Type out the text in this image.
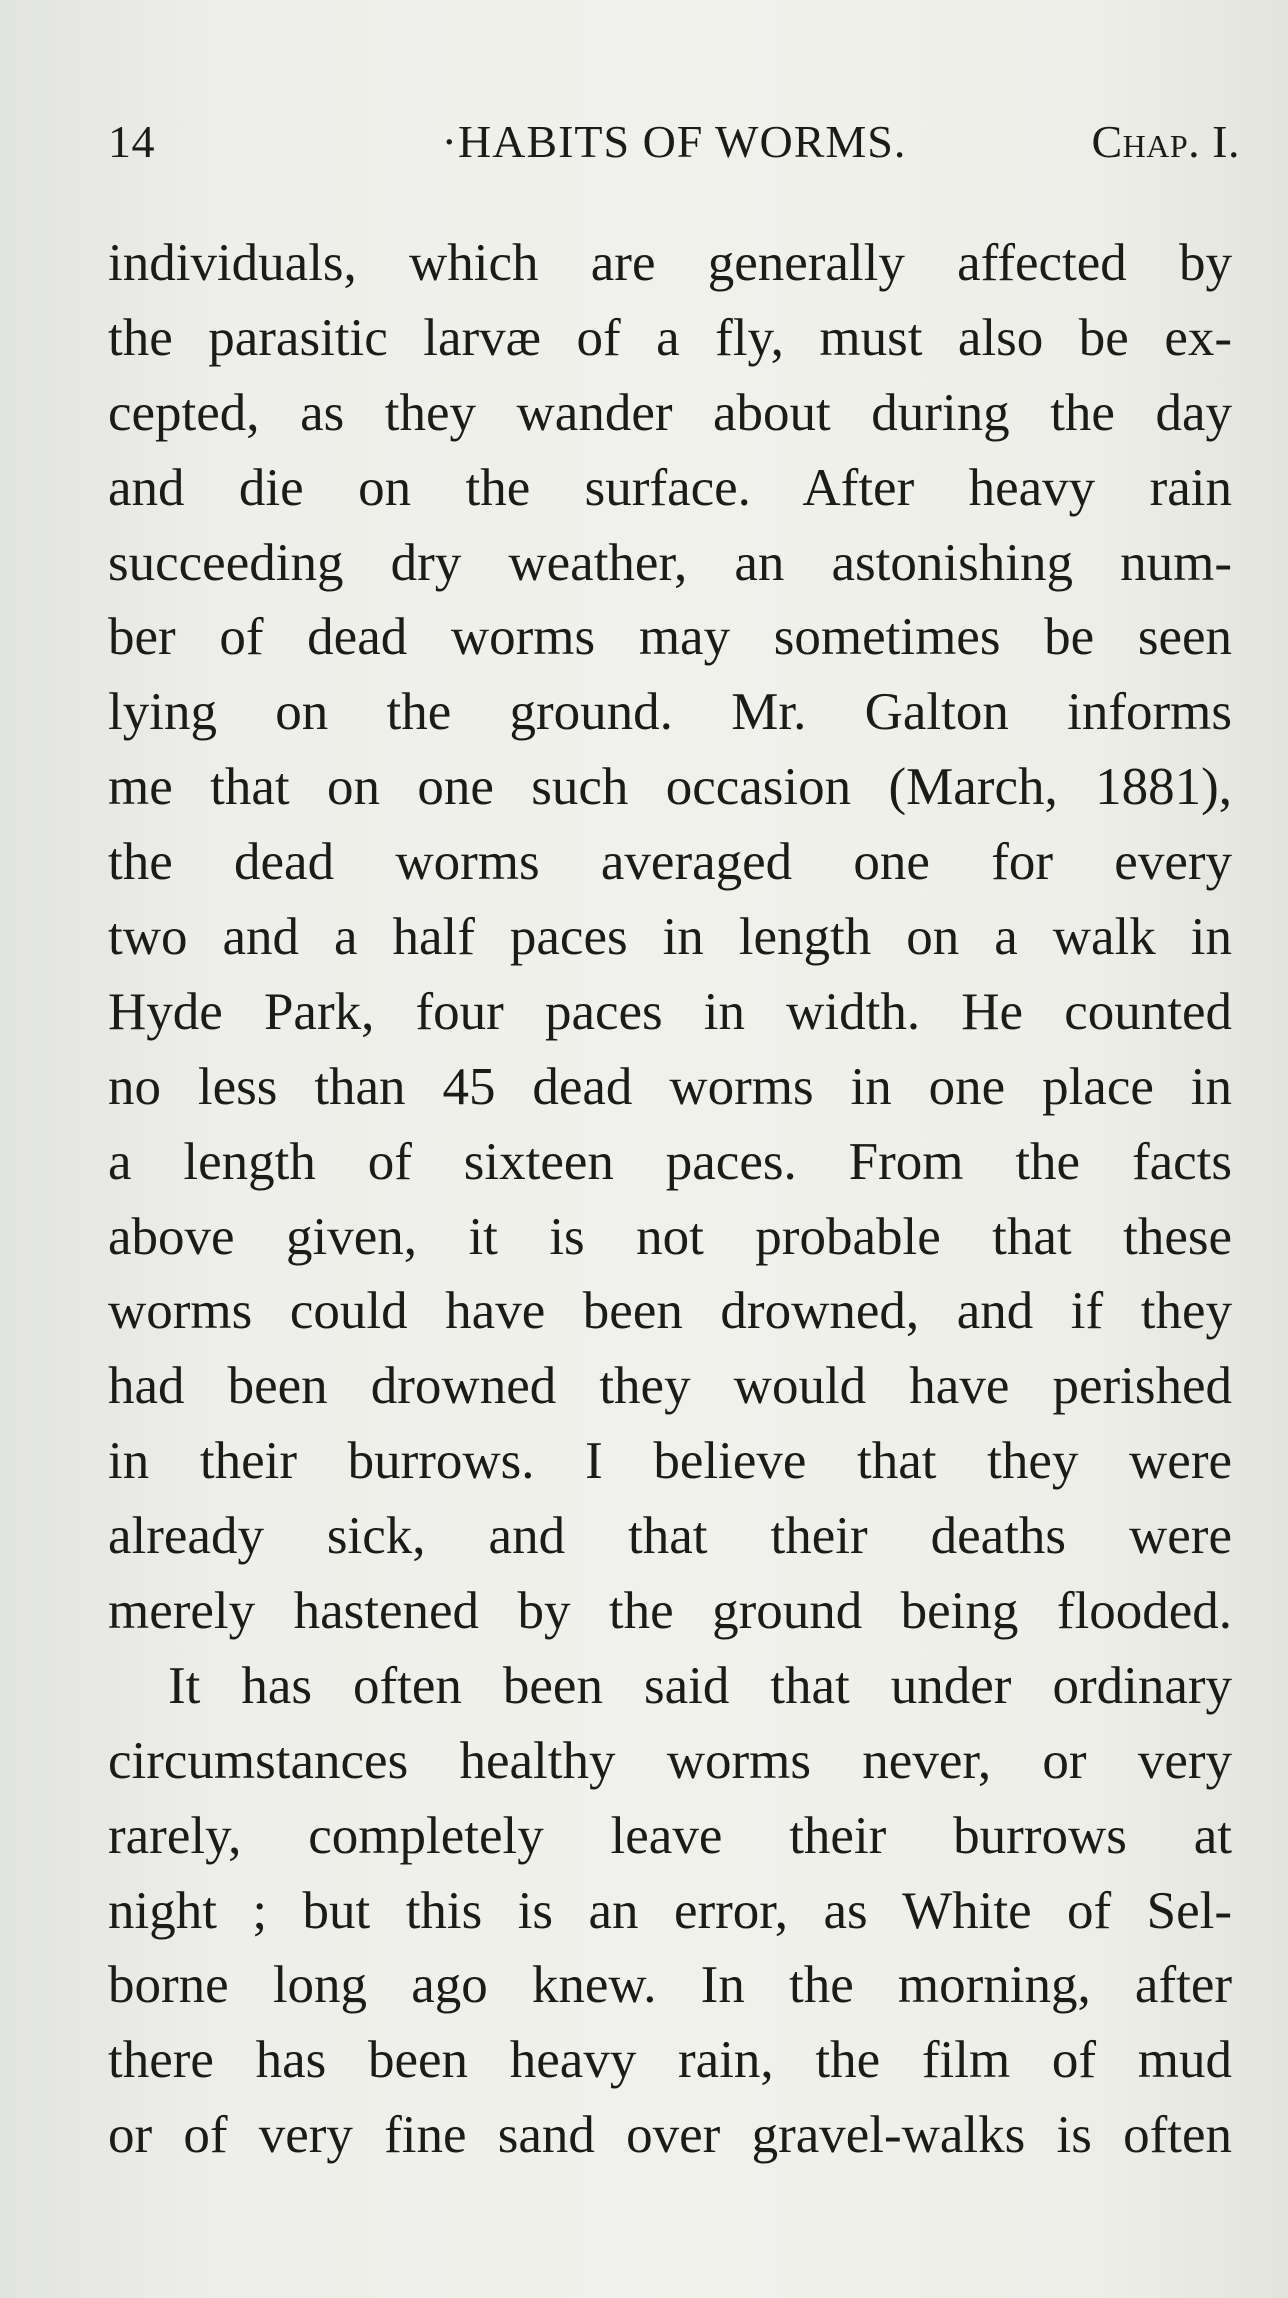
14	·HABITS OF WORMS.	Chap. I.
individuals, which are generally affected by
the parasitic larvæ of a fly, must also be ex-
cepted, as they wander about during the day
and die on the surface. After heavy rain
succeeding dry weather, an astonishing num-
ber of dead worms may sometimes be seen
lying on the ground. Mr. Galton informs
me that on one such occasion (March, 1881),
the dead worms averaged one for every
two and a half paces in length on a walk in
Hyde Park, four paces in width. He counted
no less than 45 dead worms in one place in
a length of sixteen paces. From the facts
above given, it is not probable that these
worms could have been drowned, and if they
had been drowned they would have perished
in their burrows. I believe that they were
already sick, and that their deaths were
merely hastened by the ground being flooded.
It has often been said that under ordinary
circumstances healthy worms never, or very
rarely, completely leave their burrows at
night ; but this is an error, as White of Sel-
borne long ago knew. In the morning, after
there has been heavy rain, the film of mud
or of very fine sand over gravel-walks is often
